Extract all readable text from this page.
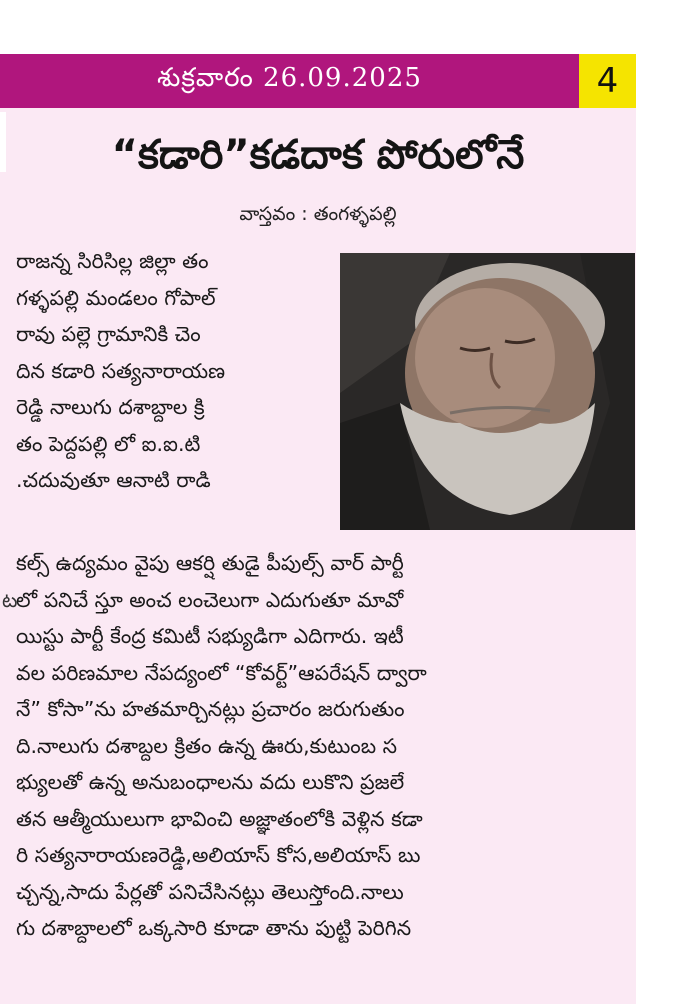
శుక్రవారం 26.09.2025	4
“కడారి”కడదాక పోరులోనే
వాస్తవం : తంగళ్ళపల్లి
రాజన్న సిరిసిల్ల జిల్లా తం
గళ్ళపల్లి మండలం గోపాల్
రావు పల్లె గ్రామానికి చెం
దిన కడారి సత్యనారాయణ
రెడ్డి నాలుగు దశాబ్దాల క్రి
తం పెద్దపల్లి లో ఐ.ఐ.టి
.చదువుతూ ఆనాటి రాడి
ట
కల్స్ ఉద్యమం వైపు ఆకర్షి తుడై పీపుల్స్ వార్ పార్టీ
లో పనిచే స్తూ అంచ లంచెలుగా ఎదుగుతూ మావో
యిస్టు పార్టీ కేంద్ర కమిటీ సభ్యుడిగా ఎదిగారు. ఇటీ
వల పరిణమాల నేపద్యంలో “కోవర్ట్”ఆపరేషన్ ద్వారా
నే” కోసా”ను హతమార్చినట్లు ప్రచారం జరుగుతుం
ది.నాలుగు దశాబ్దల క్రితం ఉన్న ఊరు,కుటుంబ స
భ్యులతో ఉన్న అనుబంధాలను వదు లుకొని ప్రజలే
తన ఆత్మీయులుగా భావించి అజ్ఞాతంలోకి వెళ్లిన కడా
రి సత్యనారాయణరెడ్డి,అలియాస్ కోస,అలియాస్ బు
చ్చన్న,సాదు పేర్లతో పనిచేసినట్లు తెలుస్తోంది.నాలు
గు దశాబ్దాలలో ఒక్కసారి కూడా తాను పుట్టి పెరిగిన
